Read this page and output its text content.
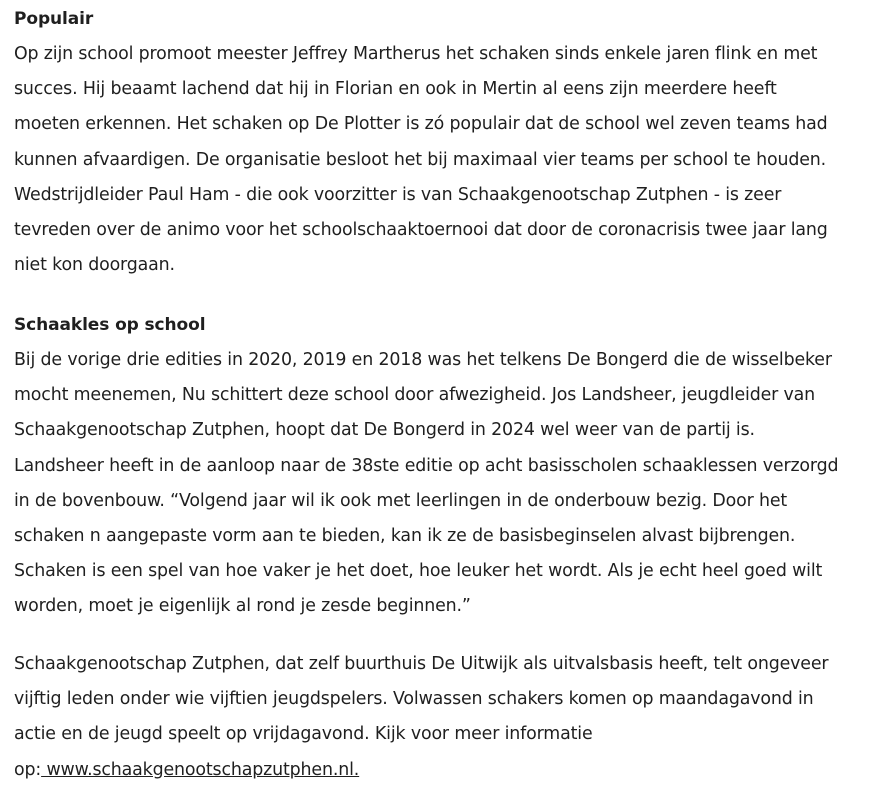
Populair

Op zijn school promoot meester Jeffrey Martherus het schaken sinds enkele jaren flink en met
succes. Hij beaamt lachend dat hij in Florian en ook in Mertin al eens zijn meerdere heeft
moeten erkennen. Het schaken op De Plotter is zó populair dat de school wel zeven teams had
kunnen afvaardigen. De organisatie besloot het bij maximaal vier teams per school te houden.
Wedstrijdleider Paul Ham - die ook voorzitter is van Schaakgenootschap Zutphen - is zeer
tevreden over de animo voor het schoolschaaktoernooi dat door de coronacrisis twee jaar lang
niet kon doorgaan.

Schaakles op school

Bij de vorige drie edities in 2020, 2019 en 2018 was het telkens De Bongerd die de wisselbeker
mocht meenemen, Nu schittert deze school door afwezigheid. Jos Landsheer, jeugdleider van
Schaakgenootschap Zutphen, hoopt dat De Bongerd in 2024 wel weer van de partij is.
Landsheer heeft in de aanloop naar de 38ste editie op acht basisscholen schaaklessen verzorgd
in de bovenbouw. “Volgend jaar wil ik ook met leerlingen in de onderbouw bezig. Door het
schaken n aangepaste vorm aan te bieden, kan ik ze de basisbeginselen alvast bijbrengen.
Schaken is een spel van hoe vaker je het doet, hoe leuker het wordt. Als je echt heel goed wilt
worden, moet je eigenlijk al rond je zesde beginnen.”

Schaakgenootschap Zutphen, dat zelf buurthuis De Uitwijk als uitvalsbasis heeft, telt ongeveer
vijftig leden onder wie vijftien jeugdspelers. Volwassen schakers komen op maandagavond in
actie en de jeugd speelt op vrijdagavond. Kijk voor meer informatie
op: www.schaakgenootschapzutphen.nl.
